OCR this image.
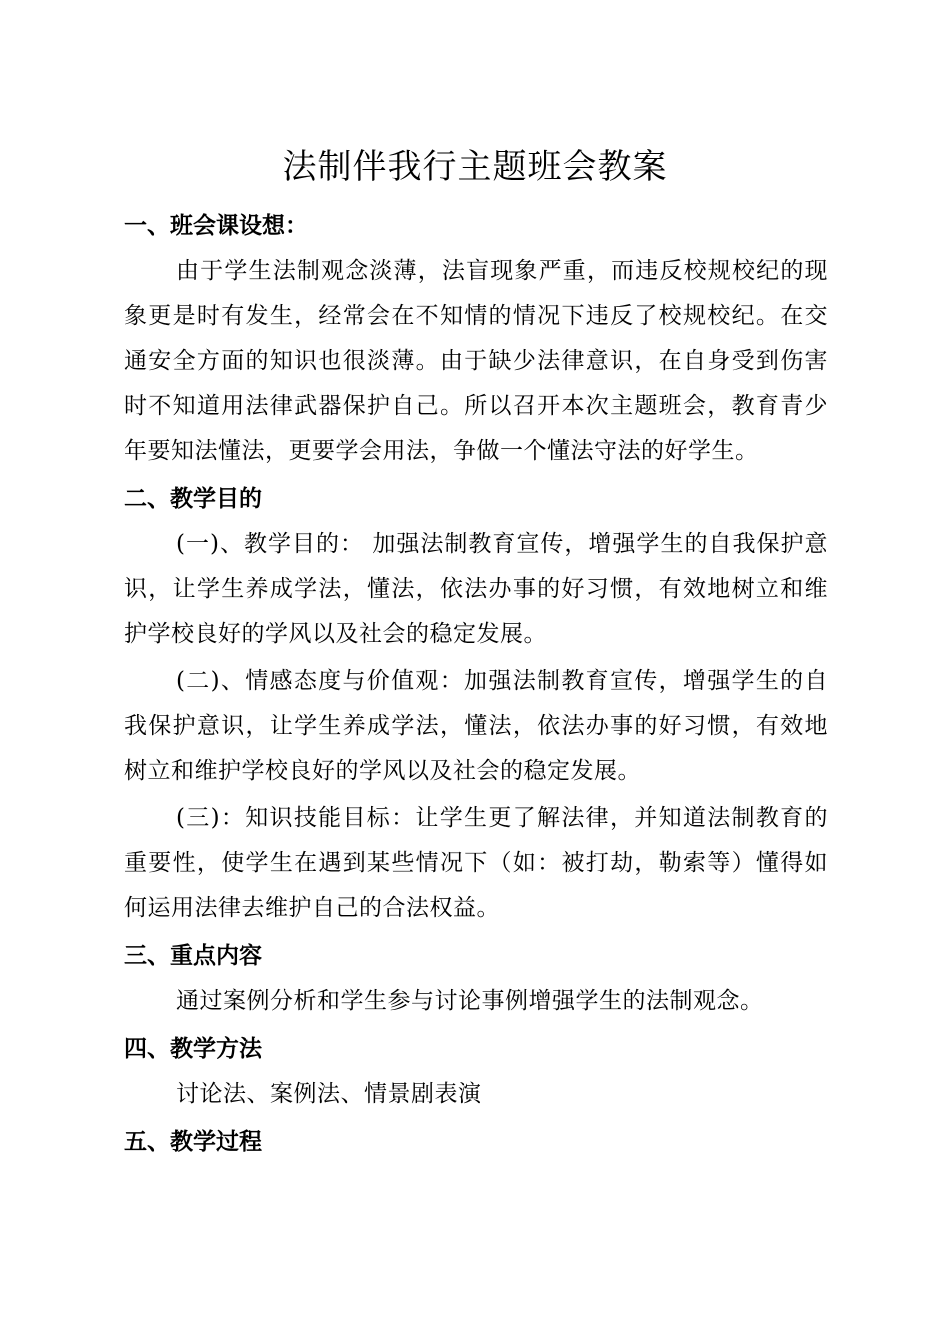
法制伴我行主题班会教案
一、班会课设想：

由于学生法制观念淡薄，法盲现象严重，而违反校规校纪的现象更是时有发生，经常会在不知情的情况下违反了校规校纪。在交通安全方面的知识也很淡薄。由于缺少法律意识，在自身受到伤害时不知道用法律武器保护自己。所以召开本次主题班会，教育青少年要知法懂法，更要学会用法，争做一个懂法守法的好学生。

二、教学目的

(一)、教学目的： 加强法制教育宣传，增强学生的自我保护意识，让学生养成学法，懂法，依法办事的好习惯，有效地树立和维护学校良好的学风以及社会的稳定发展。

(二)、情感态度与价值观：加强法制教育宣传，增强学生的自我保护意识，让学生养成学法，懂法，依法办事的好习惯，有效地树立和维护学校良好的学风以及社会的稳定发展。

(三)：知识技能目标：让学生更了解法律，并知道法制教育的重要性，使学生在遇到某些情况下（如：被打劫，勒索等）懂得如何运用法律去维护自己的合法权益。

三、重点内容

通过案例分析和学生参与讨论事例增强学生的法制观念。

四、教学方法

讨论法、案例法、情景剧表演

五、教学过程
